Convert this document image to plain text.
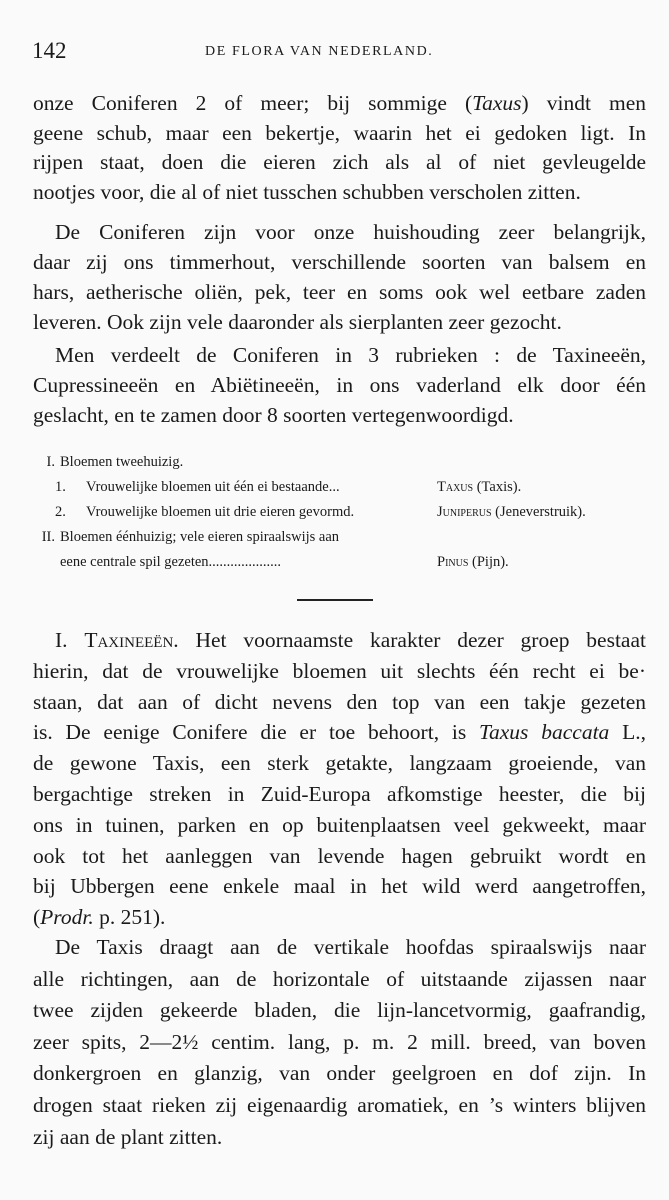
142	DE FLORA VAN NEDERLAND.
onze Coniferen 2 of meer; bij sommige (Taxus) vindt men
geene schub, maar een bekertje, waarin het ei gedoken ligt. In
rijpen staat, doen die eieren zich als al of niet gevleugelde
nootjes voor, die al of niet tusschen schubben verscholen zitten.
De Coniferen zijn voor onze huishouding zeer belangrijk,
daar zij ons timmerhout, verschillende soorten van balsem en
hars, aetherische oliën, pek, teer en soms ook wel eetbare zaden
leveren. Ook zijn vele daaronder als sierplanten zeer gezocht.
Men verdeelt de Coniferen in 3 rubrieken : de Taxineeën,
Cupressineeën en Abiëtineeën, in ons vaderland elk door één
geslacht, en te zamen door 8 soorten vertegenwoordigd.
I. Bloemen tweehuizig.
1. Vrouwelijke bloemen uit één ei bestaande...	Taxus (Taxis).
2. Vrouwelijke bloemen uit drie eieren gevormd.	Juniperus (Jeneverstruik).
II. Bloemen éénhuizig; vele eieren spiraalswijs aan
eene centrale spil gezeten....................	Pinus (Pijn).
I. Taxineeën. Het voornaamste karakter dezer groep bestaat
hierin, dat de vrouwelijke bloemen uit slechts één recht ei be·
staan, dat aan of dicht nevens den top van een takje gezeten
is. De eenige Conifere die er toe behoort, is Taxus baccata L.,
de gewone Taxis, een sterk getakte, langzaam groeiende, van
bergachtige streken in Zuid-Europa afkomstige heester, die bij
ons in tuinen, parken en op buitenplaatsen veel gekweekt, maar
ook tot het aanleggen van levende hagen gebruikt wordt en
bij Ubbergen eene enkele maal in het wild werd aangetroffen,
(Prodr. p. 251).
De Taxis draagt aan de vertikale hoofdas spiraalswijs naar
alle richtingen, aan de horizontale of uitstaande zijassen naar
twee zijden gekeerde bladen, die lijn-lancetvormig, gaafrandig,
zeer spits, 2—2½ centim. lang, p. m. 2 mill. breed, van boven
donkergroen en glanzig, van onder geelgroen en dof zijn. In
drogen staat rieken zij eigenaardig aromatiek, en ’s winters blijven
zij aan de plant zitten.
